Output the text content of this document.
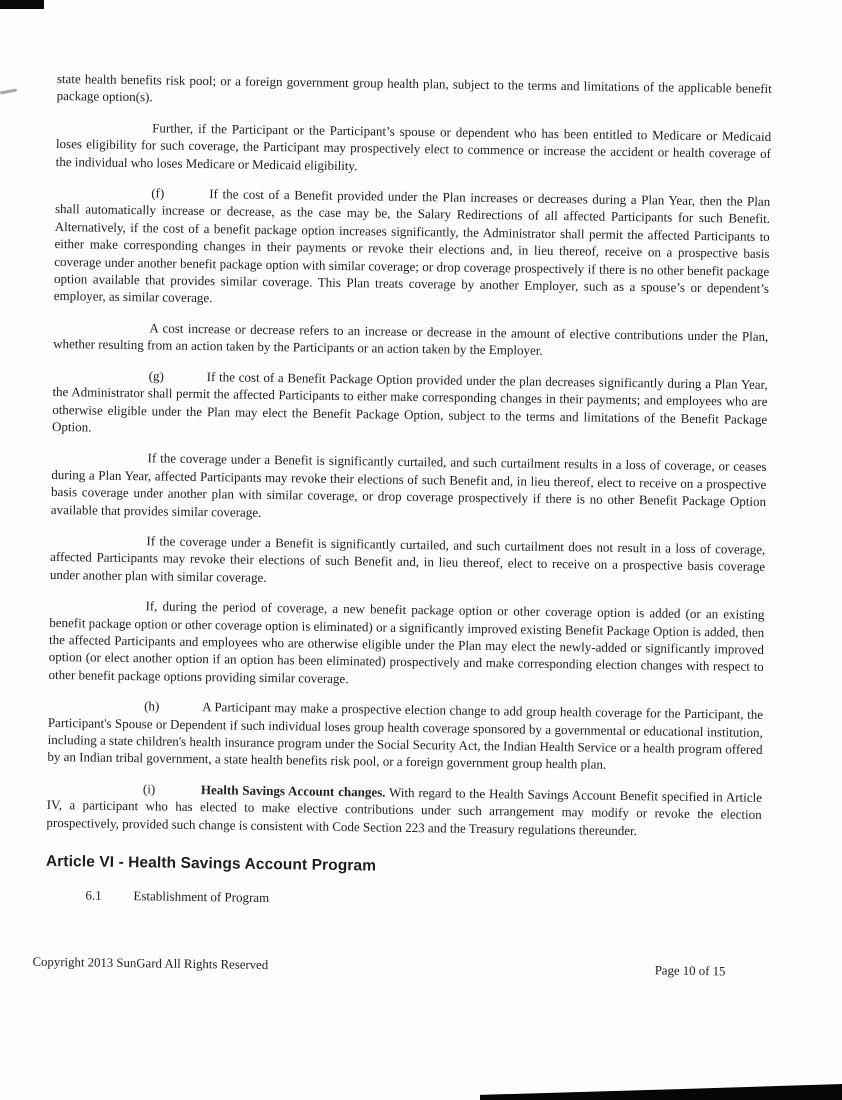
state health benefits risk pool; or a foreign government group health plan, subject to the terms and limitations of the applicable benefit package option(s).

Further, if the Participant or the Participant’s spouse or dependent who has been entitled to Medicare or Medicaid loses eligibility for such coverage, the Participant may prospectively elect to commence or increase the accident or health coverage of the individual who loses Medicare or Medicaid eligibility.

(f)	If the cost of a Benefit provided under the Plan increases or decreases during a Plan Year, then the Plan shall automatically increase or decrease, as the case may be, the Salary Redirections of all affected Participants for such Benefit. Alternatively, if the cost of a benefit package option increases significantly, the Administrator shall permit the affected Participants to either make corresponding changes in their payments or revoke their elections and, in lieu thereof, receive on a prospective basis coverage under another benefit package option with similar coverage; or drop coverage prospectively if there is no other benefit package option available that provides similar coverage. This Plan treats coverage by another Employer, such as a spouse’s or dependent’s employer, as similar coverage.

A cost increase or decrease refers to an increase or decrease in the amount of elective contributions under the Plan, whether resulting from an action taken by the Participants or an action taken by the Employer.

(g)	If the cost of a Benefit Package Option provided under the plan decreases significantly during a Plan Year, the Administrator shall permit the affected Participants to either make corresponding changes in their payments; and employees who are otherwise eligible under the Plan may elect the Benefit Package Option, subject to the terms and limitations of the Benefit Package Option.

If the coverage under a Benefit is significantly curtailed, and such curtailment results in a loss of coverage, or ceases during a Plan Year, affected Participants may revoke their elections of such Benefit and, in lieu thereof, elect to receive on a prospective basis coverage under another plan with similar coverage, or drop coverage prospectively if there is no other Benefit Package Option available that provides similar coverage.

If the coverage under a Benefit is significantly curtailed, and such curtailment does not result in a loss of coverage, affected Participants may revoke their elections of such Benefit and, in lieu thereof, elect to receive on a prospective basis coverage under another plan with similar coverage.

If, during the period of coverage, a new benefit package option or other coverage option is added (or an existing benefit package option or other coverage option is eliminated) or a significantly improved existing Benefit Package Option is added, then the affected Participants and employees who are otherwise eligible under the Plan may elect the newly-added or significantly improved option (or elect another option if an option has been eliminated) prospectively and make corresponding election changes with respect to other benefit package options providing similar coverage.

(h)	A Participant may make a prospective election change to add group health coverage for the Participant, the Participant's Spouse or Dependent if such individual loses group health coverage sponsored by a governmental or educational institution, including a state children's health insurance program under the Social Security Act, the Indian Health Service or a health program offered by an Indian tribal government, a state health benefits risk pool, or a foreign government group health plan.

(i)	Health Savings Account changes. With regard to the Health Savings Account Benefit specified in Article IV, a participant who has elected to make elective contributions under such arrangement may modify or revoke the election prospectively, provided such change is consistent with Code Section 223 and the Treasury regulations thereunder.

Article VI - Health Savings Account Program
6.1 Establishment of Program
Copyright 2013 SunGard All Rights Reserved	Page 10 of 15
